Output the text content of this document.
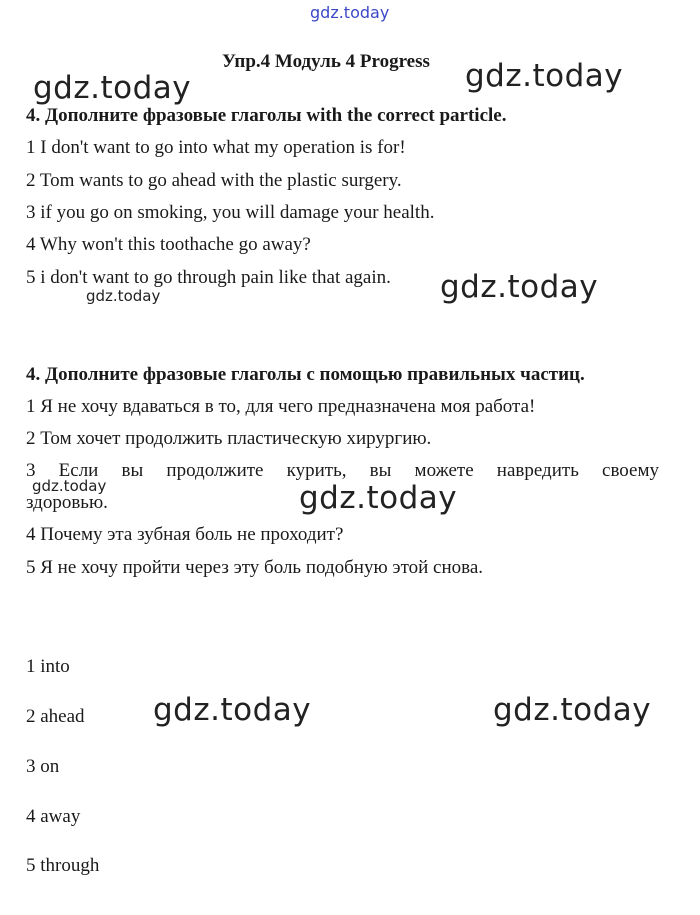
gdz.today
Упр.4 Модуль 4 Progress
gdz.today	gdz.today
4. Дополните фразовые глаголы with the correct particle.
1 I don't want to go into what my operation is for!
2 Tom wants to go ahead with the plastic surgery.
3 if you go on smoking, you will damage your health.
4 Why won't this toothache go away?
5 i don't want to go through pain like that again. gdz.today
gdz.today
4. Дополните фразовые глаголы с помощью правильных частиц.
1 Я не хочу вдаваться в то, для чего предназначена моя работа!
2 Том хочет продолжить пластическую хирургию.
3 Если вы продолжите курить, вы можете навредить своему
здоровью.
4 Почему эта зубная боль не проходит?
5 Я не хочу пройти через эту боль подобную этой снова.
gdz.today	gdz.today
1 into
2 ahead
3 on
4 away
5 through
gdz.today	gdz.today
